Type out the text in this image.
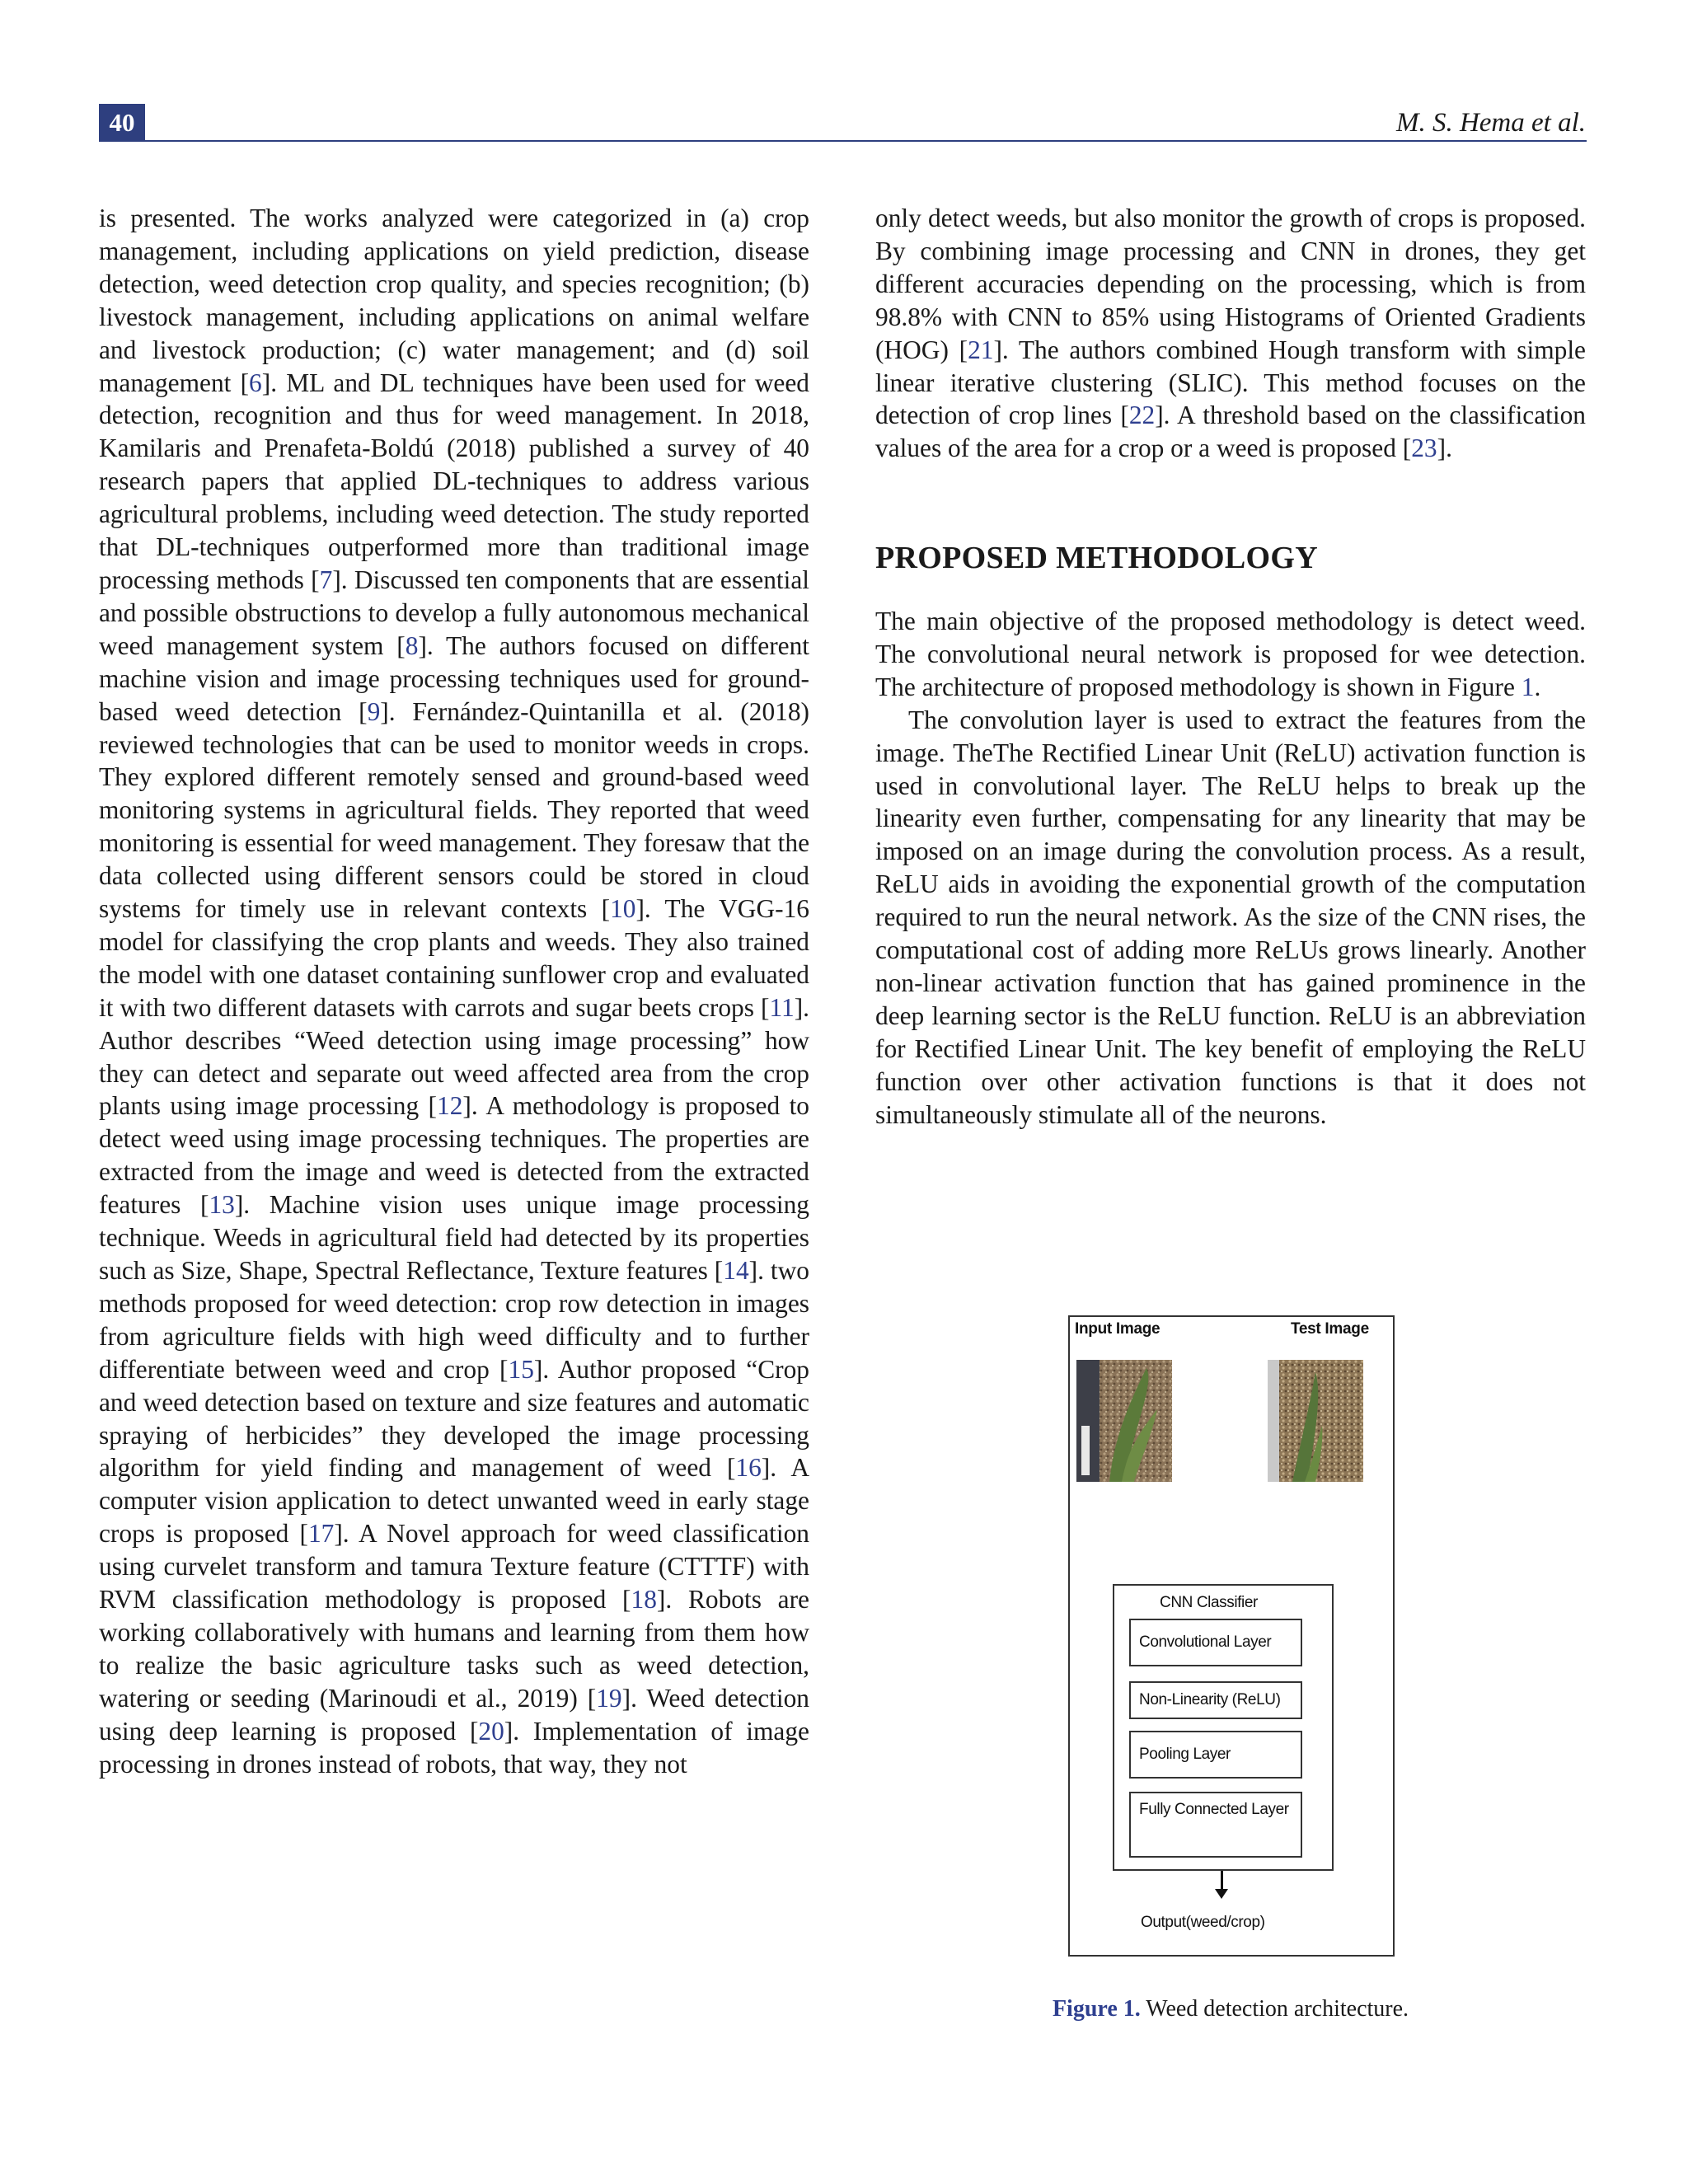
40	M. S. Hema et al.

is presented. The works analyzed were categorized in (a) crop management, including applications on yield prediction, disease detection, weed detection crop quality, and species recognition; (b) livestock management, including applications on animal welfare and livestock production; (c) water management; and (d) soil management [6]. ML and DL techniques have been used for weed detection, recognition and thus for weed management. In 2018, Kamilaris and Prenafeta-Boldú (2018) published a survey of 40 research papers that applied DL-techniques to address various agricultural problems, including weed detection. The study reported that DL-techniques outperformed more than traditional image processing methods [7]. Discussed ten components that are essential and possible obstructions to develop a fully autonomous mechanical weed management system [8]. The authors focused on different machine vision and image processing techniques used for ground-based weed detection [9]. Fernández-Quintanilla et al. (2018) reviewed technologies that can be used to monitor weeds in crops. They explored different remotely sensed and ground-based weed monitoring systems in agricultural fields. They reported that weed monitoring is essential for weed management. They foresaw that the data collected using different sensors could be stored in cloud systems for timely use in relevant contexts [10]. The VGG-16 model for classifying the crop plants and weeds. They also trained the model with one dataset containing sunflower crop and evaluated it with two different datasets with carrots and sugar beets crops [11]. Author describes “Weed detection using image processing” how they can detect and separate out weed affected area from the crop plants using image processing [12]. A methodology is proposed to detect weed using image processing techniques. The properties are extracted from the image and weed is detected from the extracted features [13]. Machine vision uses unique image processing technique. Weeds in agricultural field had detected by its properties such as Size, Shape, Spectral Reflectance, Texture features [14]. two methods proposed for weed detection: crop row detection in images from agriculture fields with high weed difficulty and to further differentiate between weed and crop [15]. Author proposed “Crop and weed detection based on texture and size features and automatic spraying of herbicides” they developed the image processing algorithm for yield finding and management of weed [16]. A computer vision application to detect unwanted weed in early stage crops is proposed [17]. A Novel approach for weed classification using curvelet transform and tamura Texture feature (CTTTF) with RVM classification methodology is proposed [18]. Robots are working collaboratively with humans and learning from them how to realize the basic agriculture tasks such as weed detection, watering or seeding (Marinoudi et al., 2019) [19]. Weed detection using deep learning is proposed [20]. Implementation of image processing in drones instead of robots, that way, they not

only detect weeds, but also monitor the growth of crops is proposed. By combining image processing and CNN in drones, they get different accuracies depending on the processing, which is from 98.8% with CNN to 85% using Histograms of Oriented Gradients (HOG) [21]. The authors combined Hough transform with simple linear iterative clustering (SLIC). This method focuses on the detection of crop lines [22]. A threshold based on the classification values of the area for a crop or a weed is proposed [23].

PROPOSED METHODOLOGY

The main objective of the proposed methodology is detect weed. The convolutional neural network is proposed for wee detection. The architecture of proposed methodology is shown in Figure 1.

The convolution layer is used to extract the features from the image. TheThe Rectified Linear Unit (ReLU) activation function is used in convolutional layer. The ReLU helps to break up the linearity even further, compensating for any linearity that may be imposed on an image during the convolution process. As a result, ReLU aids in avoiding the exponential growth of the computation required to run the neural network. As the size of the CNN rises, the computational cost of adding more ReLUs grows linearly. Another non-linear activation function that has gained prominence in the deep learning sector is the ReLU function. ReLU is an abbreviation for Rectified Linear Unit. The key benefit of employing the ReLU function over other activation functions is that it does not simultaneously stimulate all of the neurons.

Input Image	Test Image
CNN Classifier
Convolutional Layer
Non-Linearity (ReLU)
Pooling Layer
Fully Connected Layer
Output(weed/crop)
Figure 1. Weed detection architecture.
